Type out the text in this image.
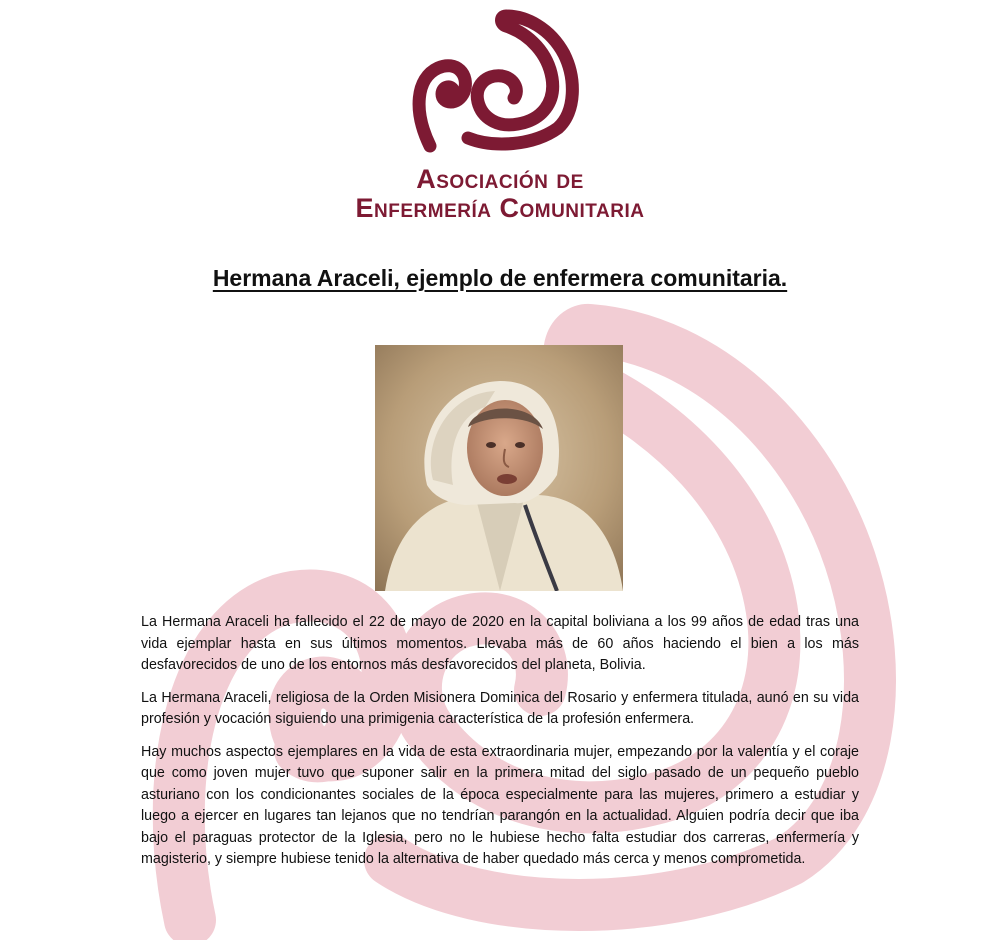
Asociación de
Enfermería Comunitaria
Hermana Araceli, ejemplo de enfermera comunitaria.

La Hermana Araceli ha fallecido el 22 de mayo de 2020 en la capital boliviana a los 99 años de edad tras una vida ejemplar hasta en sus últimos momentos. Llevaba más de 60 años haciendo el bien a los más desfavorecidos de uno de los entornos más desfavorecidos del planeta, Bolivia.

La Hermana Araceli, religiosa de la Orden Misionera Dominica del Rosario y enfermera titulada, aunó en su vida profesión y vocación siguiendo una primigenia característica de la profesión enfermera.

Hay muchos aspectos ejemplares en la vida de esta extraordinaria mujer, empezando por la valentía y el coraje que como joven mujer tuvo que suponer salir en la primera mitad del siglo pasado de un pequeño pueblo asturiano con los condicionantes sociales de la época especialmente para las mujeres, primero a estudiar y luego a ejercer en lugares tan lejanos que no tendrían parangón en la actualidad. Alguien podría decir que iba bajo el paraguas protector de la Iglesia, pero no le hubiese hecho falta estudiar dos carreras, enfermería y magisterio, y siempre hubiese tenido la alternativa de haber quedado más cerca y menos comprometida.
